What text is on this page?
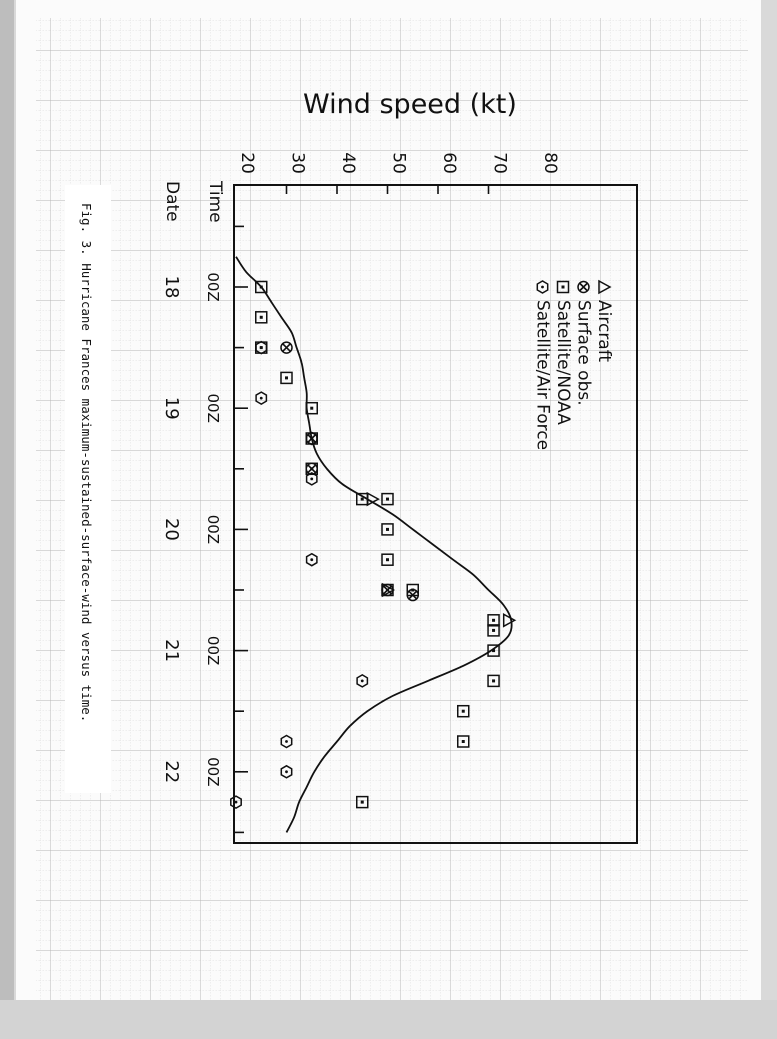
Fig. 3. Hurricane Frances maximum-sustained-surface-wind versus time.
Wind speed (kt)
Time
Date
20 30 40 50 60 70 80
00Z
18
00Z
19
00Z
20
00Z
21
00Z
22
Aircraft
Surface obs.
Satellite/NOAA
Satellite/Air Force
